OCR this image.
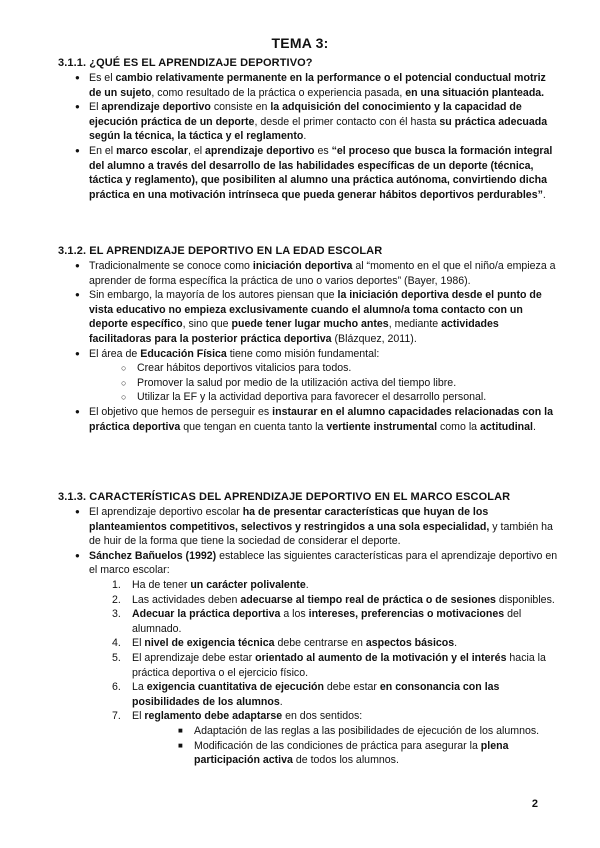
TEMA 3:
3.1.1. ¿QUÉ ES EL APRENDIZAJE DEPORTIVO?
● Es el cambio relativamente permanente en la performance o el potencial conductual motriz de un sujeto, como resultado de la práctica o experiencia pasada, en una situación planteada.
● El aprendizaje deportivo consiste en la adquisición del conocimiento y la capacidad de ejecución práctica de un deporte, desde el primer contacto con él hasta su práctica adecuada según la técnica, la táctica y el reglamento.
● En el marco escolar, el aprendizaje deportivo es “el proceso que busca la formación integral del alumno a través del desarrollo de las habilidades específicas de un deporte (técnica, táctica y reglamento), que posibiliten al alumno una práctica autónoma, convirtiendo dicha práctica en una motivación intrínseca que pueda generar hábitos deportivos perdurables”.
3.1.2. EL APRENDIZAJE DEPORTIVO EN LA EDAD ESCOLAR
● Tradicionalmente se conoce como iniciación deportiva al “momento en el que el niño/a empieza a aprender de forma específica la práctica de uno o varios deportes” (Bayer, 1986).
● Sin embargo, la mayoría de los autores piensan que la iniciación deportiva desde el punto de vista educativo no empieza exclusivamente cuando el alumno/a toma contacto con un deporte específico, sino que puede tener lugar mucho antes, mediante actividades facilitadoras para la posterior práctica deportiva (Blázquez, 2011).
● El área de Educación Física tiene como misión fundamental:
○ Crear hábitos deportivos vitalicios para todos.
○ Promover la salud por medio de la utilización activa del tiempo libre.
○ Utilizar la EF y la actividad deportiva para favorecer el desarrollo personal.
● El objetivo que hemos de perseguir es instaurar en el alumno capacidades relacionadas con la práctica deportiva que tengan en cuenta tanto la vertiente instrumental como la actitudinal.
3.1.3. CARACTERÍSTICAS DEL APRENDIZAJE DEPORTIVO EN EL MARCO ESCOLAR
● El aprendizaje deportivo escolar ha de presentar características que huyan de los planteamientos competitivos, selectivos y restringidos a una sola especialidad, y también ha de huir de la forma que tiene la sociedad de considerar el deporte.
● Sánchez Bañuelos (1992) establece las siguientes características para el aprendizaje deportivo en el marco escolar:
1. Ha de tener un carácter polivalente.
2. Las actividades deben adecuarse al tiempo real de práctica o de sesiones disponibles.
3. Adecuar la práctica deportiva a los intereses, preferencias o motivaciones del alumnado.
4. El nivel de exigencia técnica debe centrarse en aspectos básicos.
5. El aprendizaje debe estar orientado al aumento de la motivación y el interés hacia la práctica deportiva o el ejercicio físico.
6. La exigencia cuantitativa de ejecución debe estar en consonancia con las posibilidades de los alumnos.
7. El reglamento debe adaptarse en dos sentidos:
■ Adaptación de las reglas a las posibilidades de ejecución de los alumnos.
■ Modificación de las condiciones de práctica para asegurar la plena participación activa de todos los alumnos.
2
